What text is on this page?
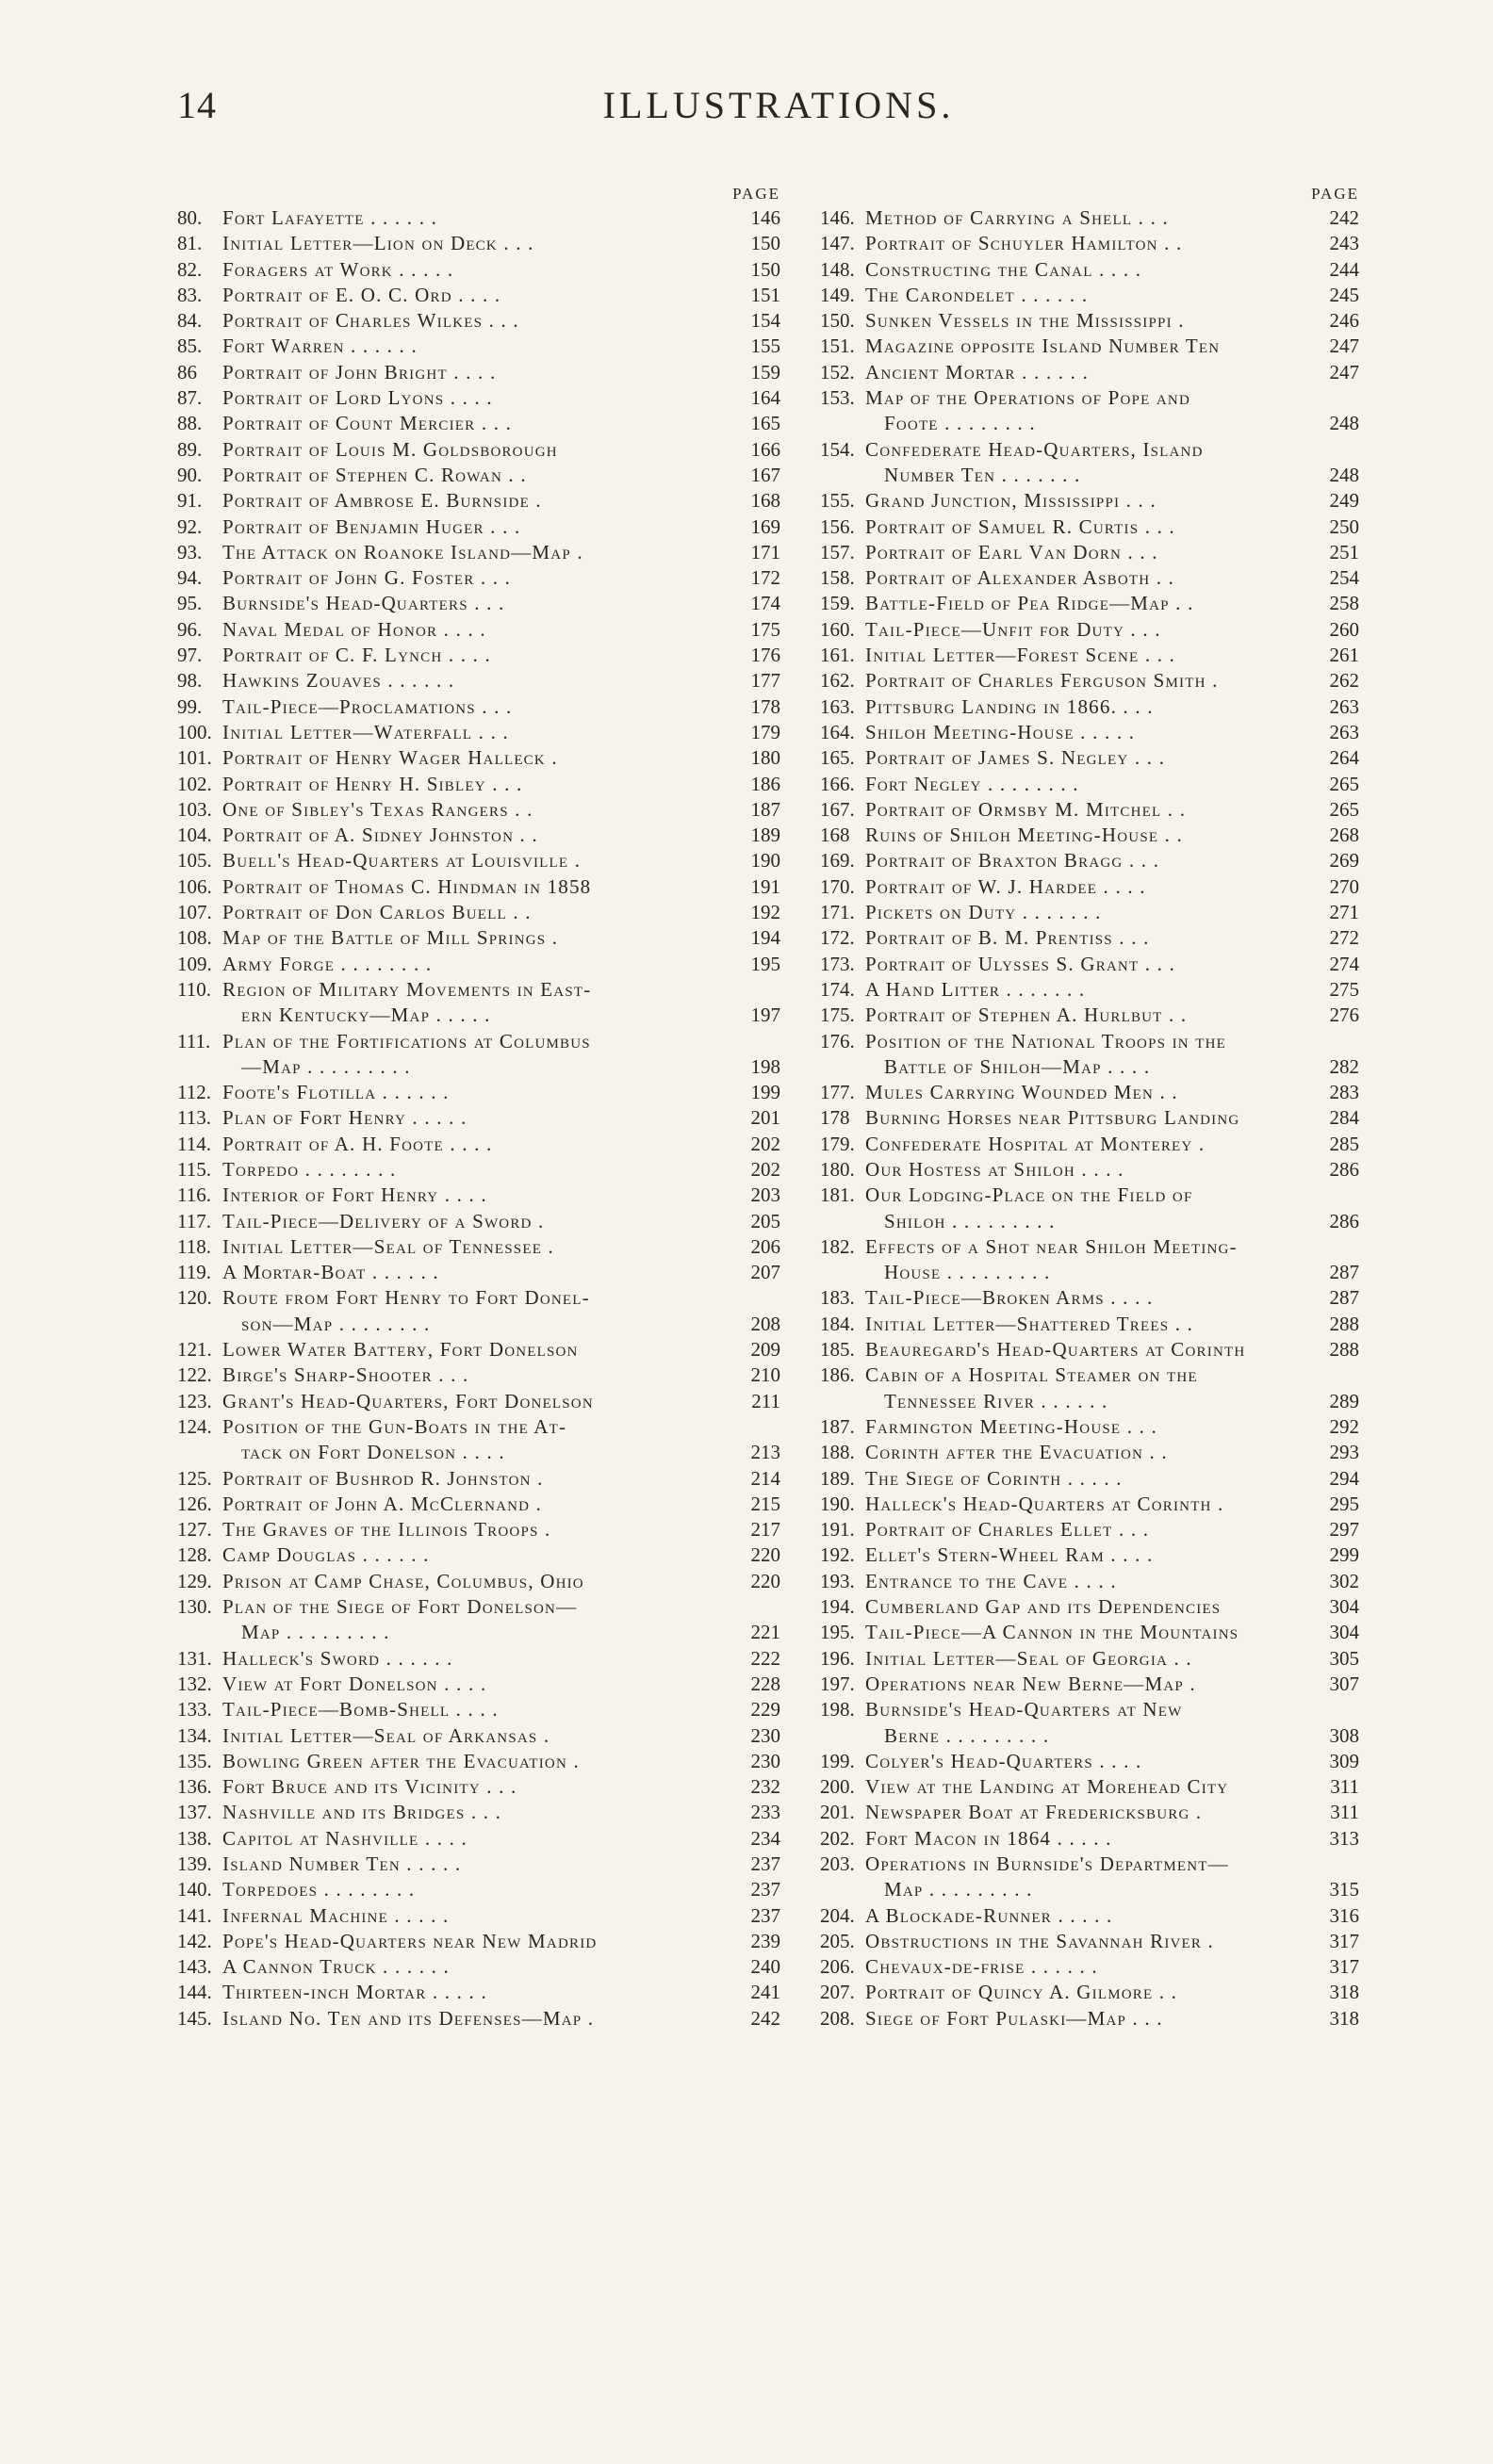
14	ILLUSTRATIONS.
PAGE
80.	Fort Lafayette . . . . . .	146
81.	Initial Letter—Lion on Deck . . .	150
82.	Foragers at Work . . . . .	150
83.	Portrait of E. O. C. Ord . . . .	151
84.	Portrait of Charles Wilkes . . .	154
85.	Fort Warren . . . . . .	155
86	Portrait of John Bright . . . .	159
87.	Portrait of Lord Lyons . . . .	164
88.	Portrait of Count Mercier . . .	165
89.	Portrait of Louis M. Goldsborough	166
90.	Portrait of Stephen C. Rowan . .	167
91.	Portrait of Ambrose E. Burnside .	168
92.	Portrait of Benjamin Huger . . .	169
93.	The Attack on Roanoke Island—Map .	171
94.	Portrait of John G. Foster . . .	172
95.	Burnside's Head-Quarters . . .	174
96.	Naval Medal of Honor . . . .	175
97.	Portrait of C. F. Lynch . . . .	176
98.	Hawkins Zouaves . . . . . .	177
99.	Tail-Piece—Proclamations . . .	178
100. Initial Letter—Waterfall . . .	179
101. Portrait of Henry Wager Halleck .	180
102. Portrait of Henry H. Sibley . . .	186
103. One of Sibley's Texas Rangers . .	187
104. Portrait of A. Sidney Johnston . .	189
105. Buell's Head-Quarters at Louisville .	190
106. Portrait of Thomas C. Hindman in 1858	191
107. Portrait of Don Carlos Buell . .	192
108. Map of the Battle of Mill Springs .	194
109. Army Forge . . . . . . . .	195
110. Region of Military Movements in East-
ern Kentucky—Map . . . . .	197
111. Plan of the Fortifications at Columbus
—Map . . . . . . . . .	198
112. Foote's Flotilla . . . . . .	199
113. Plan of Fort Henry . . . . .	201
114. Portrait of A. H. Foote . . . .	202
115. Torpedo . . . . . . . .	202
116. Interior of Fort Henry . . . .	203
117. Tail-Piece—Delivery of a Sword .	205
118. Initial Letter—Seal of Tennessee .	206
119. A Mortar-Boat . . . . . .	207
120. Route from Fort Henry to Fort Donel-
son—Map . . . . . . . .	208
121. Lower Water Battery, Fort Donelson	209
122. Birge's Sharp-Shooter . . .	210
123. Grant's Head-Quarters, Fort Donelson	211
124. Position of the Gun-Boats in the At-
tack on Fort Donelson . . . .	213
125. Portrait of Bushrod R. Johnston .	214
126. Portrait of John A. McClernand .	215
127. The Graves of the Illinois Troops .	217
128. Camp Douglas . . . . . .	220
129. Prison at Camp Chase, Columbus, Ohio	220
130. Plan of the Siege of Fort Donelson—
Map . . . . . . . . .	221
131. Halleck's Sword . . . . . .	222
132. View at Fort Donelson . . . .	228
133. Tail-Piece—Bomb-Shell . . . .	229
134. Initial Letter—Seal of Arkansas .	230
135. Bowling Green after the Evacuation .	230
136. Fort Bruce and its Vicinity . . .	232
137. Nashville and its Bridges . . .	233
138. Capitol at Nashville . . . .	234
139. Island Number Ten . . . . .	237
140. Torpedoes . . . . . . . .	237
141. Infernal Machine . . . . .	237
142. Pope's Head-Quarters near New Madrid	239
143. A Cannon Truck . . . . . .	240
144. Thirteen-inch Mortar . . . . .	241
145. Island No. Ten and its Defenses—Map .	242
PAGE
146. Method of Carrying a Shell . . .	242
147. Portrait of Schuyler Hamilton . .	243
148. Constructing the Canal . . . .	244
149. The Carondelet . . . . . .	245
150. Sunken Vessels in the Mississippi .	246
151. Magazine opposite Island Number Ten	247
152. Ancient Mortar . . . . . .	247
153. Map of the Operations of Pope and
Foote . . . . . . . .	248
154. Confederate Head-Quarters, Island
Number Ten . . . . . . .	248
155. Grand Junction, Mississippi . . .	249
156. Portrait of Samuel R. Curtis . . .	250
157. Portrait of Earl Van Dorn . . .	251
158. Portrait of Alexander Asboth . .	254
159. Battle-Field of Pea Ridge—Map . .	258
160. Tail-Piece—Unfit for Duty . . .	260
161. Initial Letter—Forest Scene . . .	261
162. Portrait of Charles Ferguson Smith .	262
163. Pittsburg Landing in 1866. . . .	263
164. Shiloh Meeting-House . . . . .	263
165. Portrait of James S. Negley . . .	264
166. Fort Negley . . . . . . . .	265
167. Portrait of Ormsby M. Mitchel . .	265
168 Ruins of Shiloh Meeting-House . .	268
169. Portrait of Braxton Bragg . . .	269
170. Portrait of W. J. Hardee . . . .	270
171. Pickets on Duty . . . . . . .	271
172. Portrait of B. M. Prentiss . . .	272
173. Portrait of Ulysses S. Grant . . .	274
174. A Hand Litter . . . . . . .	275
175. Portrait of Stephen A. Hurlbut . .	276
176. Position of the National Troops in the
Battle of Shiloh—Map . . . .	282
177. Mules Carrying Wounded Men . .	283
178 Burning Horses near Pittsburg Landing	284
179. Confederate Hospital at Monterey .	285
180. Our Hostess at Shiloh . . . .	286
181. Our Lodging-Place on the Field of
Shiloh . . . . . . . . .	286
182. Effects of a Shot near Shiloh Meeting-
House . . . . . . . . .	287
183. Tail-Piece—Broken Arms . . . .	287
184. Initial Letter—Shattered Trees . .	288
185. Beauregard's Head-Quarters at Corinth	288
186. Cabin of a Hospital Steamer on the
Tennessee River . . . . . .	289
187. Farmington Meeting-House . . .	292
188. Corinth after the Evacuation . .	293
189. The Siege of Corinth . . . . .	294
190. Halleck's Head-Quarters at Corinth .	295
191. Portrait of Charles Ellet . . .	297
192. Ellet's Stern-Wheel Ram . . . .	299
193. Entrance to the Cave . . . .	302
194. Cumberland Gap and its Dependencies	304
195. Tail-Piece—A Cannon in the Mountains	304
196. Initial Letter—Seal of Georgia . .	305
197. Operations near New Berne—Map .	307
198. Burnside's Head-Quarters at New
Berne . . . . . . . . .	308
199. Colyer's Head-Quarters . . . .	309
200. View at the Landing at Morehead City	311
201. Newspaper Boat at Fredericksburg .	311
202. Fort Macon in 1864 . . . . .	313
203. Operations in Burnside's Department—
Map . . . . . . . . .	315
204. A Blockade-Runner . . . . .	316
205. Obstructions in the Savannah River .	317
206. Chevaux-de-frise . . . . . .	317
207. Portrait of Quincy A. Gilmore . .	318
208. Siege of Fort Pulaski—Map . . .	318
